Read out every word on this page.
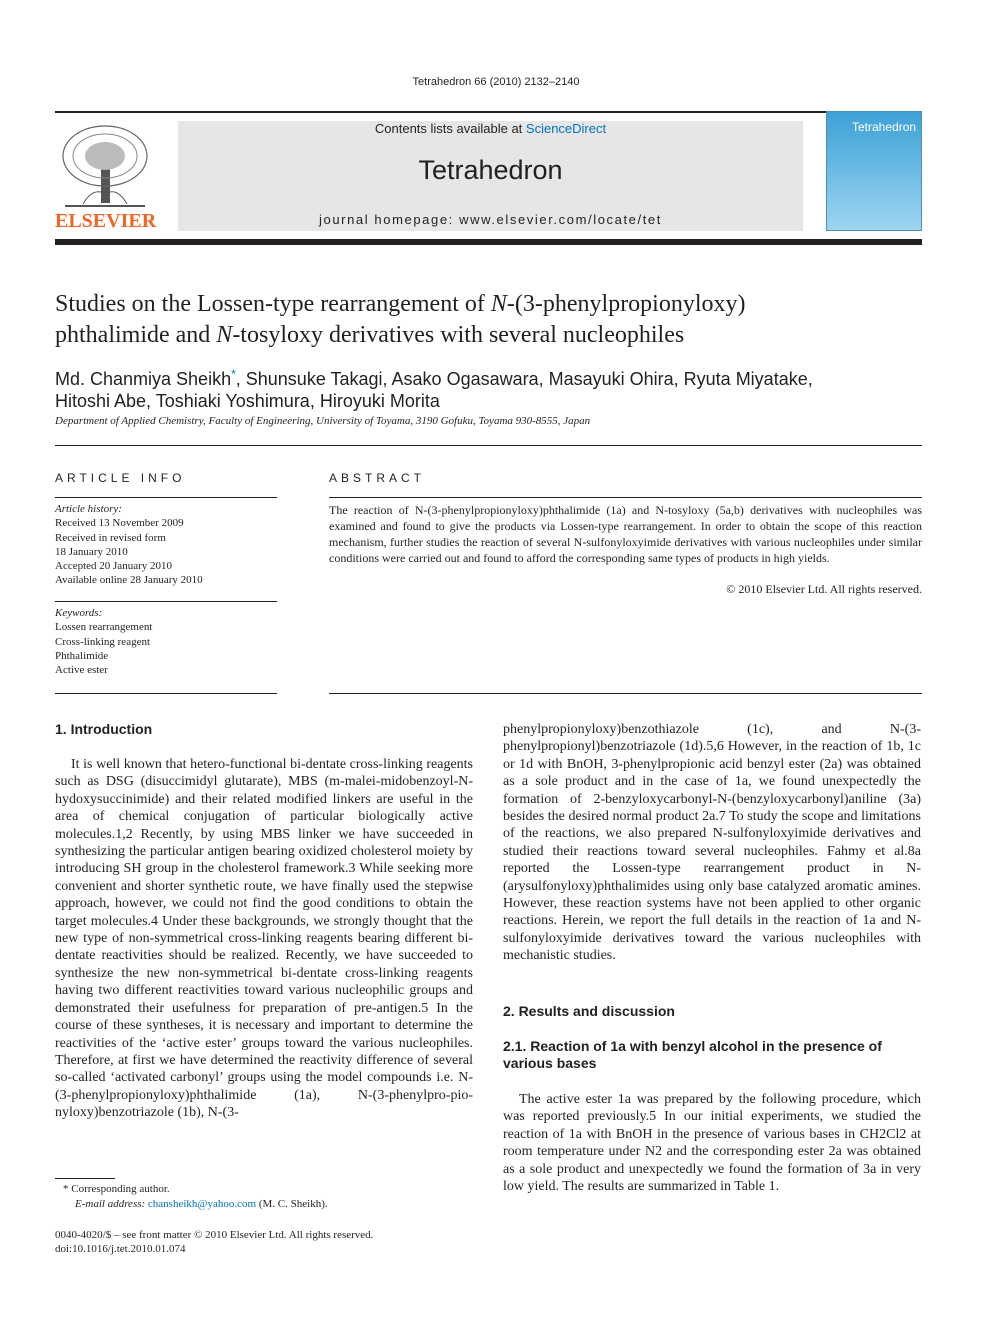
Tetrahedron 66 (2010) 2132–2140
ELSEVIER
Contents lists available at ScienceDirect
Tetrahedron
journal homepage: www.elsevier.com/locate/tet
Tetrahedron
Studies on the Lossen-type rearrangement of N-(3-phenylpropionyloxy)
phthalimide and N-tosyloxy derivatives with several nucleophiles
Md. Chanmiya Sheikh*, Shunsuke Takagi, Asako Ogasawara, Masayuki Ohira, Ryuta Miyatake,
Hitoshi Abe, Toshiaki Yoshimura, Hiroyuki Morita
Department of Applied Chemistry, Faculty of Engineering, University of Toyama, 3190 Gofuku, Toyama 930-8555, Japan
ARTICLE INFO
Article history:
Received 13 November 2009
Received in revised form
18 January 2010
Accepted 20 January 2010
Available online 28 January 2010
Keywords:
Lossen rearrangement
Cross-linking reagent
Phthalimide
Active ester
ABSTRACT
The reaction of N-(3-phenylpropionyloxy)phthalimide (1a) and N-tosyloxy (5a,b) derivatives with nucleophiles was examined and found to give the products via Lossen-type rearrangement. In order to obtain the scope of this reaction mechanism, further studies the reaction of several N-sulfonyloxyimide derivatives with various nucleophiles under similar conditions were carried out and found to afford the corresponding same types of products in high yields.
© 2010 Elsevier Ltd. All rights reserved.
1. Introduction

It is well known that hetero-functional bi-dentate cross-linking reagents such as DSG (disuccimidyl glutarate), MBS (m-malei-midobenzoyl-N-hydoxysuccinimide) and their related modified linkers are useful in the area of chemical conjugation of particular biologically active molecules.1,2 Recently, by using MBS linker we have succeeded in synthesizing the particular antigen bearing oxidized cholesterol moiety by introducing SH group in the cholesterol framework.3 While seeking more convenient and shorter synthetic route, we have finally used the stepwise approach, however, we could not find the good conditions to obtain the target molecules.4 Under these backgrounds, we strongly thought that the new type of non-symmetrical cross-linking reagents bearing different bi-dentate reactivities should be realized. Recently, we have succeeded to synthesize the new non-symmetrical bi-dentate cross-linking reagents having two different reactivities toward various nucleophilic groups and demonstrated their usefulness for preparation of pre-antigen.5 In the course of these syntheses, it is necessary and important to determine the reactivities of the ‘active ester’ groups toward the various nucleophiles. Therefore, at first we have determined the reactivity difference of several so-called ‘activated carbonyl’ groups using the model compounds i.e. N-(3-phenylpropionyloxy)phthalimide (1a), N-(3-phenylpro-pio-nyloxy)benzotriazole (1b), N-(3-

phenylpropionyloxy)benzothiazole (1c), and N-(3-phenylpropionyl)benzotriazole (1d).5,6 However, in the reaction of 1b, 1c or 1d with BnOH, 3-phenylpropionic acid benzyl ester (2a) was obtained as a sole product and in the case of 1a, we found unexpectedly the formation of 2-benzyloxycarbonyl-N-(benzyloxycarbonyl)aniline (3a) besides the desired normal product 2a.7 To study the scope and limitations of the reactions, we also prepared N-sulfonyloxyimide derivatives and studied their reactions toward several nucleophiles. Fahmy et al.8a reported the Lossen-type rearrangement product in N-(arysulfonyloxy)phthalimides using only base catalyzed aromatic amines. However, these reaction systems have not been applied to other organic reactions. Herein, we report the full details in the reaction of 1a and N-sulfonyloxyimide derivatives toward the various nucleophiles with mechanistic studies.

2. Results and discussion
2.1. Reaction of 1a with benzyl alcohol in the presence of various bases

The active ester 1a was prepared by the following procedure, which was reported previously.5 In our initial experiments, we studied the reaction of 1a with BnOH in the presence of various bases in CH2Cl2 at room temperature under N2 and the corresponding ester 2a was obtained as a sole product and unexpectedly we found the formation of 3a in very low yield. The results are summarized in Table 1.

* Corresponding author.
E-mail address: chansheikh@yahoo.com (M. C. Sheikh).
0040-4020/$ – see front matter © 2010 Elsevier Ltd. All rights reserved.
doi:10.1016/j.tet.2010.01.074
